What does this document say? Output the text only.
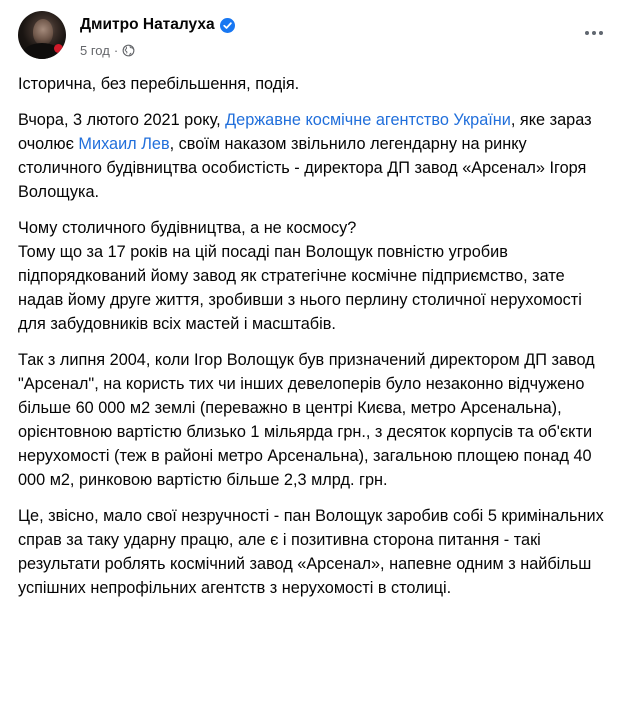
Дмитро Наталуха
5 год ·

Історична, без перебільшення, подія.

Вчора, 3 лютого 2021 року, Державне космічне агентство України, яке зараз очолює Михаил Лев, своїм наказом звільнило легендарну на ринку столичного будівництва особистість - директора ДП завод «Арсенал» Ігоря Волощука.

Чому столичного будівництва, а не космосу?
Тому що за 17 років на цій посаді пан Волощук повністю угробив підпорядкований йому завод як стратегічне космічне підприємство, зате надав йому друге життя, зробивши з нього перлину столичної нерухомості для забудовників всіх мастей і масштабів.

Так з липня 2004, коли Ігор Волощук був призначений директором ДП завод "Арсенал", на користь тих чи інших девелоперів було незаконно відчужено більше 60 000 м2 землі (переважно в центрі Києва, метро Арсенальна), орієнтовною вартістю близько 1 мільярда грн., з десяток корпусів та об'єкти нерухомості (теж в районі метро Арсенальна), загальною площею понад 40 000 м2, ринковою вартістю більше 2,3 млрд. грн.

Це, звісно, мало свої незручності - пан Волощук заробив собі 5 кримінальних справ за таку ударну працю, але є і позитивна сторона питання - такі результати роблять космічний завод «Арсенал», напевне одним з найбільш успішних непрофільних агентств з нерухомості в столиці.
